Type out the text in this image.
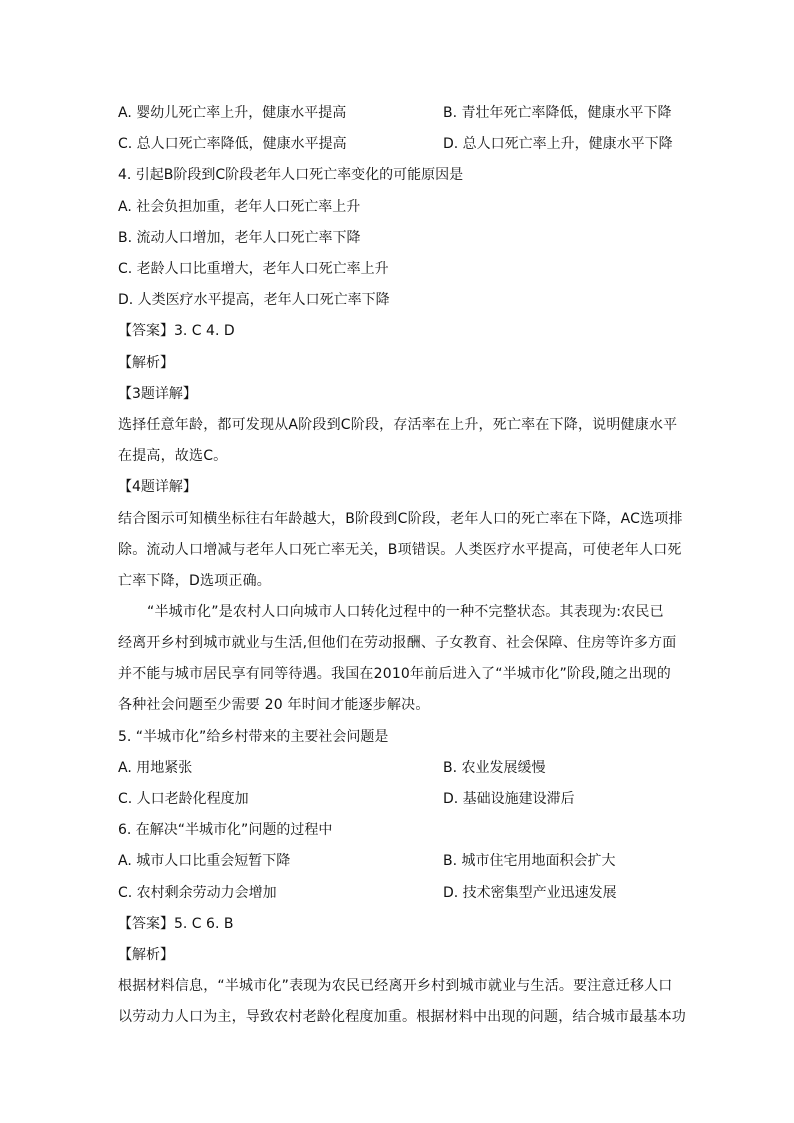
A. 婴幼儿死亡率上升，健康水平提高	B. 青壮年死亡率降低，健康水平下降
C. 总人口死亡率降低，健康水平提高	D. 总人口死亡率上升，健康水平下降
4. 引起B阶段到C阶段老年人口死亡率变化的可能原因是
A. 社会负担加重，老年人口死亡率上升
B. 流动人口增加，老年人口死亡率下降
C. 老龄人口比重增大，老年人口死亡率上升
D. 人类医疗水平提高，老年人口死亡率下降
【答案】3. C 4. D
【解析】
【3题详解】
选择任意年龄，都可发现从A阶段到C阶段，存活率在上升，死亡率在下降，说明健康水平
在提高，故选C。
【4题详解】
结合图示可知横坐标往右年龄越大，B阶段到C阶段，老年人口的死亡率在下降，AC选项排
除。流动人口增减与老年人口死亡率无关，B项错误。人类医疗水平提高，可使老年人口死
亡率下降，D选项正确。
“半城市化”是农村人口向城市人口转化过程中的一种不完整状态。其表现为:农民已
经离开乡村到城市就业与生活,但他们在劳动报酬、子女教育、社会保障、住房等许多方面
并不能与城市居民享有同等待遇。我国在2010年前后进入了“半城市化”阶段,随之出现的
各种社会问题至少需要 20 年时间才能逐步解决。
5. “半城市化”给乡村带来的主要社会问题是
A. 用地紧张	B. 农业发展缓慢
C. 人口老龄化程度加	D. 基础设施建设滞后
6. 在解决“半城市化”问题的过程中
A. 城市人口比重会短暂下降	B. 城市住宅用地面积会扩大
C. 农村剩余劳动力会增加	D. 技术密集型产业迅速发展
【答案】5. C 6. B
【解析】
根据材料信息，“半城市化”表现为农民已经离开乡村到城市就业与生活。要注意迁移人口
以劳动力人口为主，导致农村老龄化程度加重。根据材料中出现的问题，结合城市最基本功
